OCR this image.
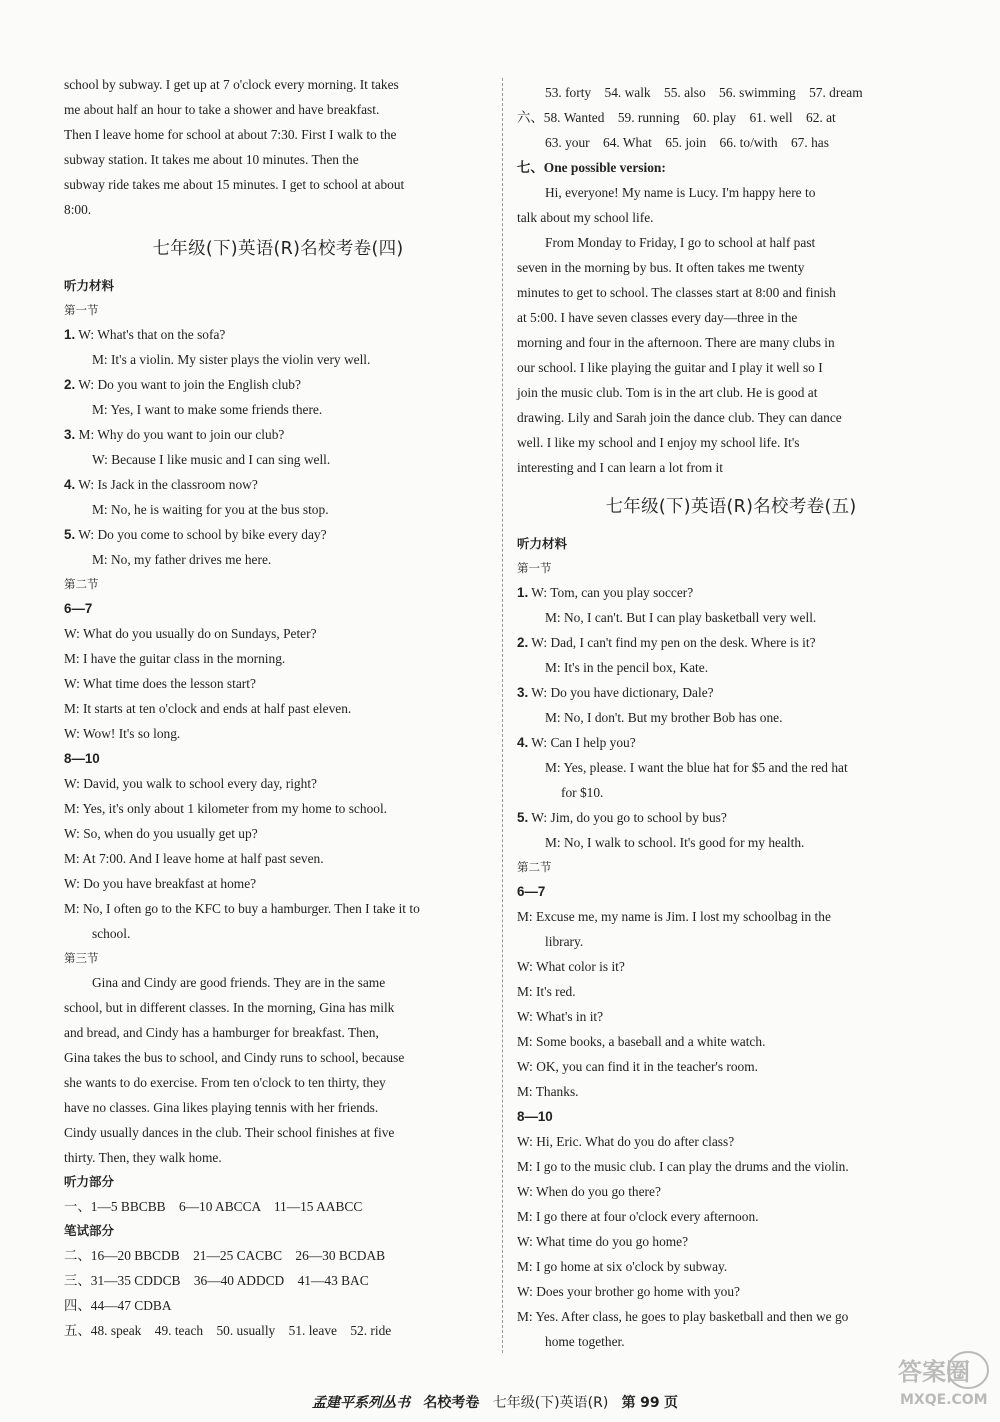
school by subway. I get up at 7 o'clock every morning. It takes

me about half an hour to take a shower and have breakfast.

Then I leave home for school at about 7:30. First I walk to the

subway station. It takes me about 10 minutes. Then the

subway ride takes me about 15 minutes. I get to school at about

8:00.

七年级(下)英语(R)名校考卷(四)

听力材料

第一节

1. W: What's that on the sofa?

M: It's a violin. My sister plays the violin very well.

2. W: Do you want to join the English club?

M: Yes, I want to make some friends there.

3. M: Why do you want to join our club?

W: Because I like music and I can sing well.

4. W: Is Jack in the classroom now?

M: No, he is waiting for you at the bus stop.

5. W: Do you come to school by bike every day?

M: No, my father drives me here.

第二节

6—7

W: What do you usually do on Sundays, Peter?

M: I have the guitar class in the morning.

W: What time does the lesson start?

M: It starts at ten o'clock and ends at half past eleven.

W: Wow! It's so long.

8—10

W: David, you walk to school every day, right?

M: Yes, it's only about 1 kilometer from my home to school.

W: So, when do you usually get up?

M: At 7:00. And I leave home at half past seven.

W: Do you have breakfast at home?

M: No, I often go to the KFC to buy a hamburger. Then I take it to

school.

第三节

Gina and Cindy are good friends. They are in the same

school, but in different classes. In the morning, Gina has milk

and bread, and Cindy has a hamburger for breakfast. Then,

Gina takes the bus to school, and Cindy runs to school, because

she wants to do exercise. From ten o'clock to ten thirty, they

have no classes. Gina likes playing tennis with her friends.

Cindy usually dances in the club. Their school finishes at five

thirty. Then, they walk home.

听力部分

一、1—5 BBCBB　6—10 ABCCA　11—15 AABCC

笔试部分

二、16—20 BBCDB　21—25 CACBC　26—30 BCDAB

三、31—35 CDDCB　36—40 ADDCD　41—43 BAC

四、44—47 CDBA

五、48. speak　49. teach　50. usually　51. leave　52. ride

53. forty　54. walk　55. also　56. swimming　57. dream

六、58. Wanted　59. running　60. play　61. well　62. at

63. your　64. What　65. join　66. to/with　67. has

七、One possible version:

Hi, everyone! My name is Lucy. I'm happy here to

talk about my school life.

From Monday to Friday, I go to school at half past

seven in the morning by bus. It often takes me twenty

minutes to get to school. The classes start at 8:00 and finish

at 5:00. I have seven classes every day—three in the

morning and four in the afternoon. There are many clubs in

our school. I like playing the guitar and I play it well so I

join the music club. Tom is in the art club. He is good at

drawing. Lily and Sarah join the dance club. They can dance

well. I like my school and I enjoy my school life. It's

interesting and I can learn a lot from it

七年级(下)英语(R)名校考卷(五)

听力材料

第一节

1. W: Tom, can you play soccer?

M: No, I can't. But I can play basketball very well.

2. W: Dad, I can't find my pen on the desk. Where is it?

M: It's in the pencil box, Kate.

3. W: Do you have dictionary, Dale?

M: No, I don't. But my brother Bob has one.

4. W: Can I help you?

M: Yes, please. I want the blue hat for $5 and the red hat

for $10.

5. W: Jim, do you go to school by bus?

M: No, I walk to school. It's good for my health.

第二节

6—7

M: Excuse me, my name is Jim. I lost my schoolbag in the

library.

W: What color is it?

M: It's red.

W: What's in it?

M: Some books, a baseball and a white watch.

W: OK, you can find it in the teacher's room.

M: Thanks.

8—10

W: Hi, Eric. What do you do after class?

M: I go to the music club. I can play the drums and the violin.

W: When do you go there?

M: I go there at four o'clock every afternoon.

W: What time do you go home?

M: I go home at six o'clock by subway.

W: Does your brother go home with you?

M: Yes. After class, he goes to play basketball and then we go

home together.

孟建平系列丛书 名校考卷 七年级(下)英语(R) 第 99 页
答案圈
MXQE.COM
